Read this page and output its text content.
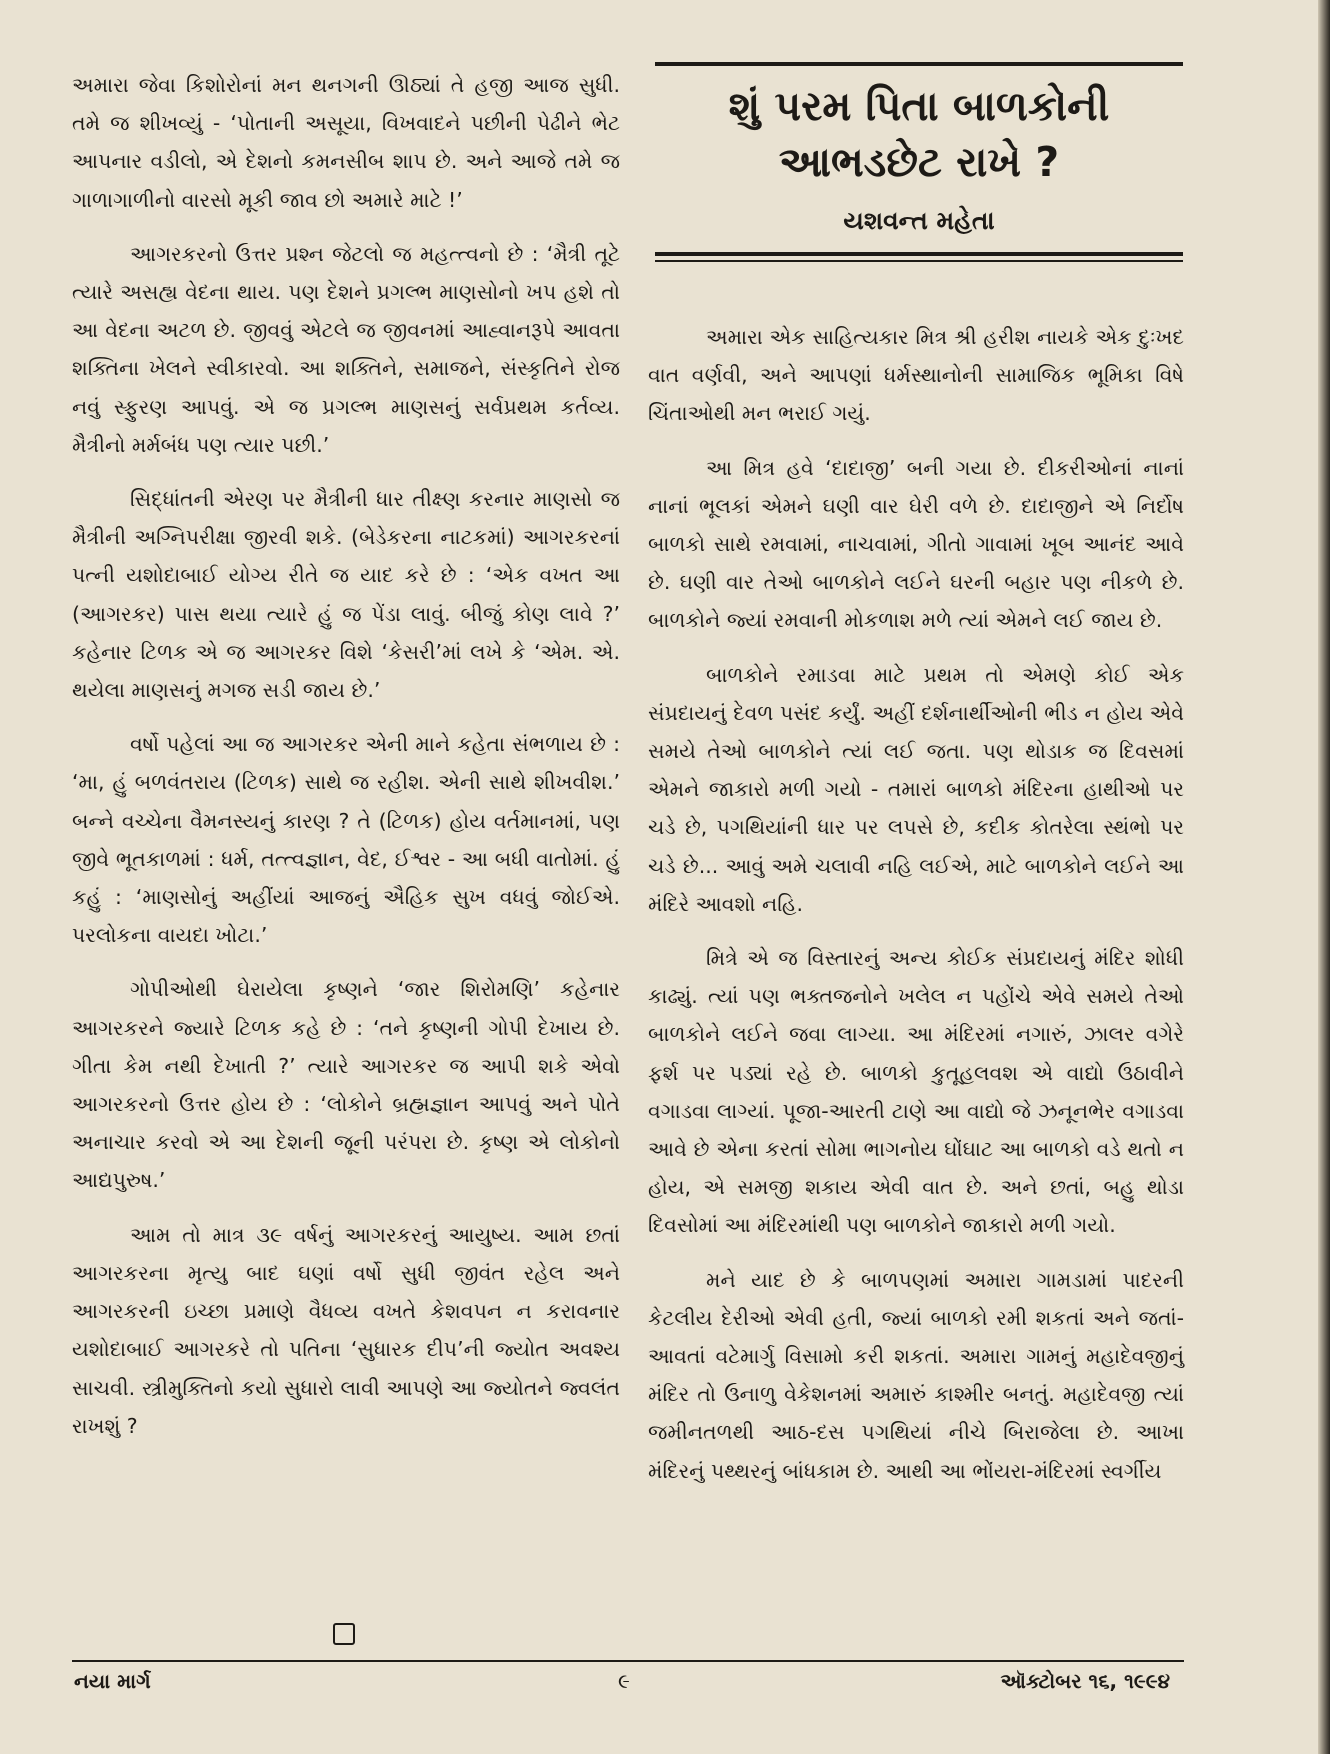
અમારા જેવા કિશોરોનાં મન થનગની ઊઠ્યાં તે હજી આજ સુધી. તમે જ શીખવ્યું - ‘પોતાની અસૂયા, વિખવાદને પછીની પેઢીને ભેટ આપનાર વડીલો, એ દેશનો કમનસીબ શાપ છે. અને આજે તમે જ ગાળાગાળીનો વારસો મૂકી જાવ છો અમારે માટે !’

આગરકરનો ઉત્તર પ્રશ્ન જેટલો જ મહત્ત્વનો છે : ‘મૈત્રી તૂટે ત્યારે અસહ્ય વેદના થાય. પણ દેશને પ્રગલ્ભ માણસોનો ખપ હશે તો આ વેદના અટળ છે. જીવવું એટલે જ જીવનમાં આહ્વાનરૂપે આવતા શક્તિના ખેલને સ્વીકારવો. આ શક્તિને, સમાજને, સંસ્કૃતિને રોજ નવું સ્ફુરણ આપવું. એ જ પ્રગલ્ભ માણસનું સર્વપ્રથમ કર્તવ્ય. મૈત્રીનો મર્મબંધ પણ ત્યાર પછી.’

સિદ્ધાંતની એરણ પર મૈત્રીની ધાર તીક્ષ્ણ કરનાર માણસો જ મૈત્રીની અગ્નિપરીક્ષા જીરવી શકે. (બેડેકરના નાટકમાં) આગરકરનાં પત્ની યશોદાબાઈ યોગ્ય રીતે જ યાદ કરે છે : ‘એક વખત આ (આગરકર) પાસ થયા ત્યારે હું જ પેંડા લાવું. બીજું કોણ લાવે ?’ કહેનાર ટિળક એ જ આગરકર વિશે ‘કેસરી’માં લખે કે ‘એમ. એ. થયેલા માણસનું મગજ સડી જાય છે.’

વર્ષો પહેલાં આ જ આગરકર એની માને કહેતા સંભળાય છે : ‘મા, હું બળવંતરાય (ટિળક) સાથે જ રહીશ. એની સાથે શીખવીશ.’ બન્ને વચ્ચેના વૈમનસ્યનું કારણ ? તે (ટિળક) હોય વર્તમાનમાં, પણ જીવે ભૂતકાળમાં : ધર્મ, તત્ત્વજ્ઞાન, વેદ, ઈશ્વર - આ બધી વાતોમાં. હું કહું : ‘માણસોનું અહીંયાં આજનું ઐહિક સુખ વધવું જોઈએ. પરલોકના વાયદા ખોટા.’

ગોપીઓથી ઘેરાયેલા કૃષ્ણને ‘જાર શિરોમણિ’ કહેનાર આગરકરને જ્યારે ટિળક કહે છે : ‘તને કૃષ્ણની ગોપી દેખાય છે. ગીતા કેમ નથી દેખાતી ?’ ત્યારે આગરકર જ આપી શકે એવો આગરકરનો ઉત્તર હોય છે : ‘લોકોને બ્રહ્મજ્ઞાન આપવું અને પોતે અનાચાર કરવો એ આ દેશની જૂની પરંપરા છે. કૃષ્ણ એ લોકોનો આદ્યપુરુષ.’

આમ તો માત્ર ૩૯ વર્ષનું આગરકરનું આયુષ્ય. આમ છતાં આગરકરના મૃત્યુ બાદ ઘણાં વર્ષો સુધી જીવંત રહેલ અને આગરકરની ઇચ્છા પ્રમાણે વૈધવ્ય વખતે કેશવપન ન કરાવનાર યશોદાબાઈ આગરકરે તો પતિના ‘સુધારક દીપ’ની જ્યોત અવશ્ય સાચવી. સ્ત્રીમુક્તિનો કયો સુધારો લાવી આપણે આ જ્યોતને જ્વલંત રાખશું ?

શું પરમ પિતા બાળકોની
આભડછેટ રાખે ?
યશવન્ત મહેતા

અમારા એક સાહિત્યકાર મિત્ર શ્રી હરીશ નાયકે એક દુઃખદ વાત વર્ણવી, અને આપણાં ધર્મસ્થાનોની સામાજિક ભૂમિકા વિષે ચિંતાઓથી મન ભરાઈ ગયું.

આ મિત્ર હવે ‘દાદાજી’ બની ગયા છે. દીકરીઓનાં નાનાં નાનાં ભૂલકાં એમને ઘણી વાર ઘેરી વળે છે. દાદાજીને એ નિર્દોષ બાળકો સાથે રમવામાં, નાચવામાં, ગીતો ગાવામાં ખૂબ આનંદ આવે છે. ઘણી વાર તેઓ બાળકોને લઈને ઘરની બહાર પણ નીકળે છે. બાળકોને જ્યાં રમવાની મોકળાશ મળે ત્યાં એમને લઈ જાય છે.

બાળકોને રમાડવા માટે પ્રથમ તો એમણે કોઈ એક સંપ્રદાયનું દેવળ પસંદ કર્યું. અહીં દર્શનાર્થીઓની ભીડ ન હોય એવે સમયે તેઓ બાળકોને ત્યાં લઈ જતા. પણ થોડાક જ દિવસમાં એમને જાકારો મળી ગયો - તમારાં બાળકો મંદિરના હાથીઓ પર ચડે છે, પગથિયાંની ધાર પર લપસે છે, કદીક કોતરેલા સ્થંભો પર ચડે છે... આવું અમે ચલાવી નહિ લઈએ, માટે બાળકોને લઈને આ મંદિરે આવશો નહિ.

મિત્રે એ જ વિસ્તારનું અન્ય કોઈક સંપ્રદાયનું મંદિર શોધી કાઢ્યું. ત્યાં પણ ભક્તજનોને ખલેલ ન પહોંચે એવે સમયે તેઓ બાળકોને લઈને જવા લાગ્યા. આ મંદિરમાં નગારું, ઝાલર વગેરે ફર્શ પર પડ્યાં રહે છે. બાળકો કુતૂહલવશ એ વાદ્યો ઉઠાવીને વગાડવા લાગ્યાં. પૂજા-આરતી ટાણે આ વાદ્યો જે ઝનૂનભેર વગાડવા આવે છે એના કરતાં સોમા ભાગનોય ઘોંઘાટ આ બાળકો વડે થતો ન હોય, એ સમજી શકાય એવી વાત છે. અને છતાં, બહુ થોડા દિવસોમાં આ મંદિરમાંથી પણ બાળકોને જાકારો મળી ગયો.

મને યાદ છે કે બાળપણમાં અમારા ગામડામાં પાદરની કેટલીય દેરીઓ એવી હતી, જ્યાં બાળકો રમી શકતાં અને જતાં-આવતાં વટેમાર્ગુ વિસામો કરી શકતાં. અમારા ગામનું મહાદેવજીનું મંદિર તો ઉનાળુ વેકેશનમાં અમારું કાશ્મીર બનતું. મહાદેવજી ત્યાં જમીનતળથી આઠ-દસ પગથિયાં નીચે બિરાજેલા છે. આખા મંદિરનું પથ્થરનું બાંધકામ છે. આથી આ ભોંયરા-મંદિરમાં સ્વર્ગીય

નયા માર્ગ	૯	ઑક્ટોબર ૧૬, ૧૯૯૪
